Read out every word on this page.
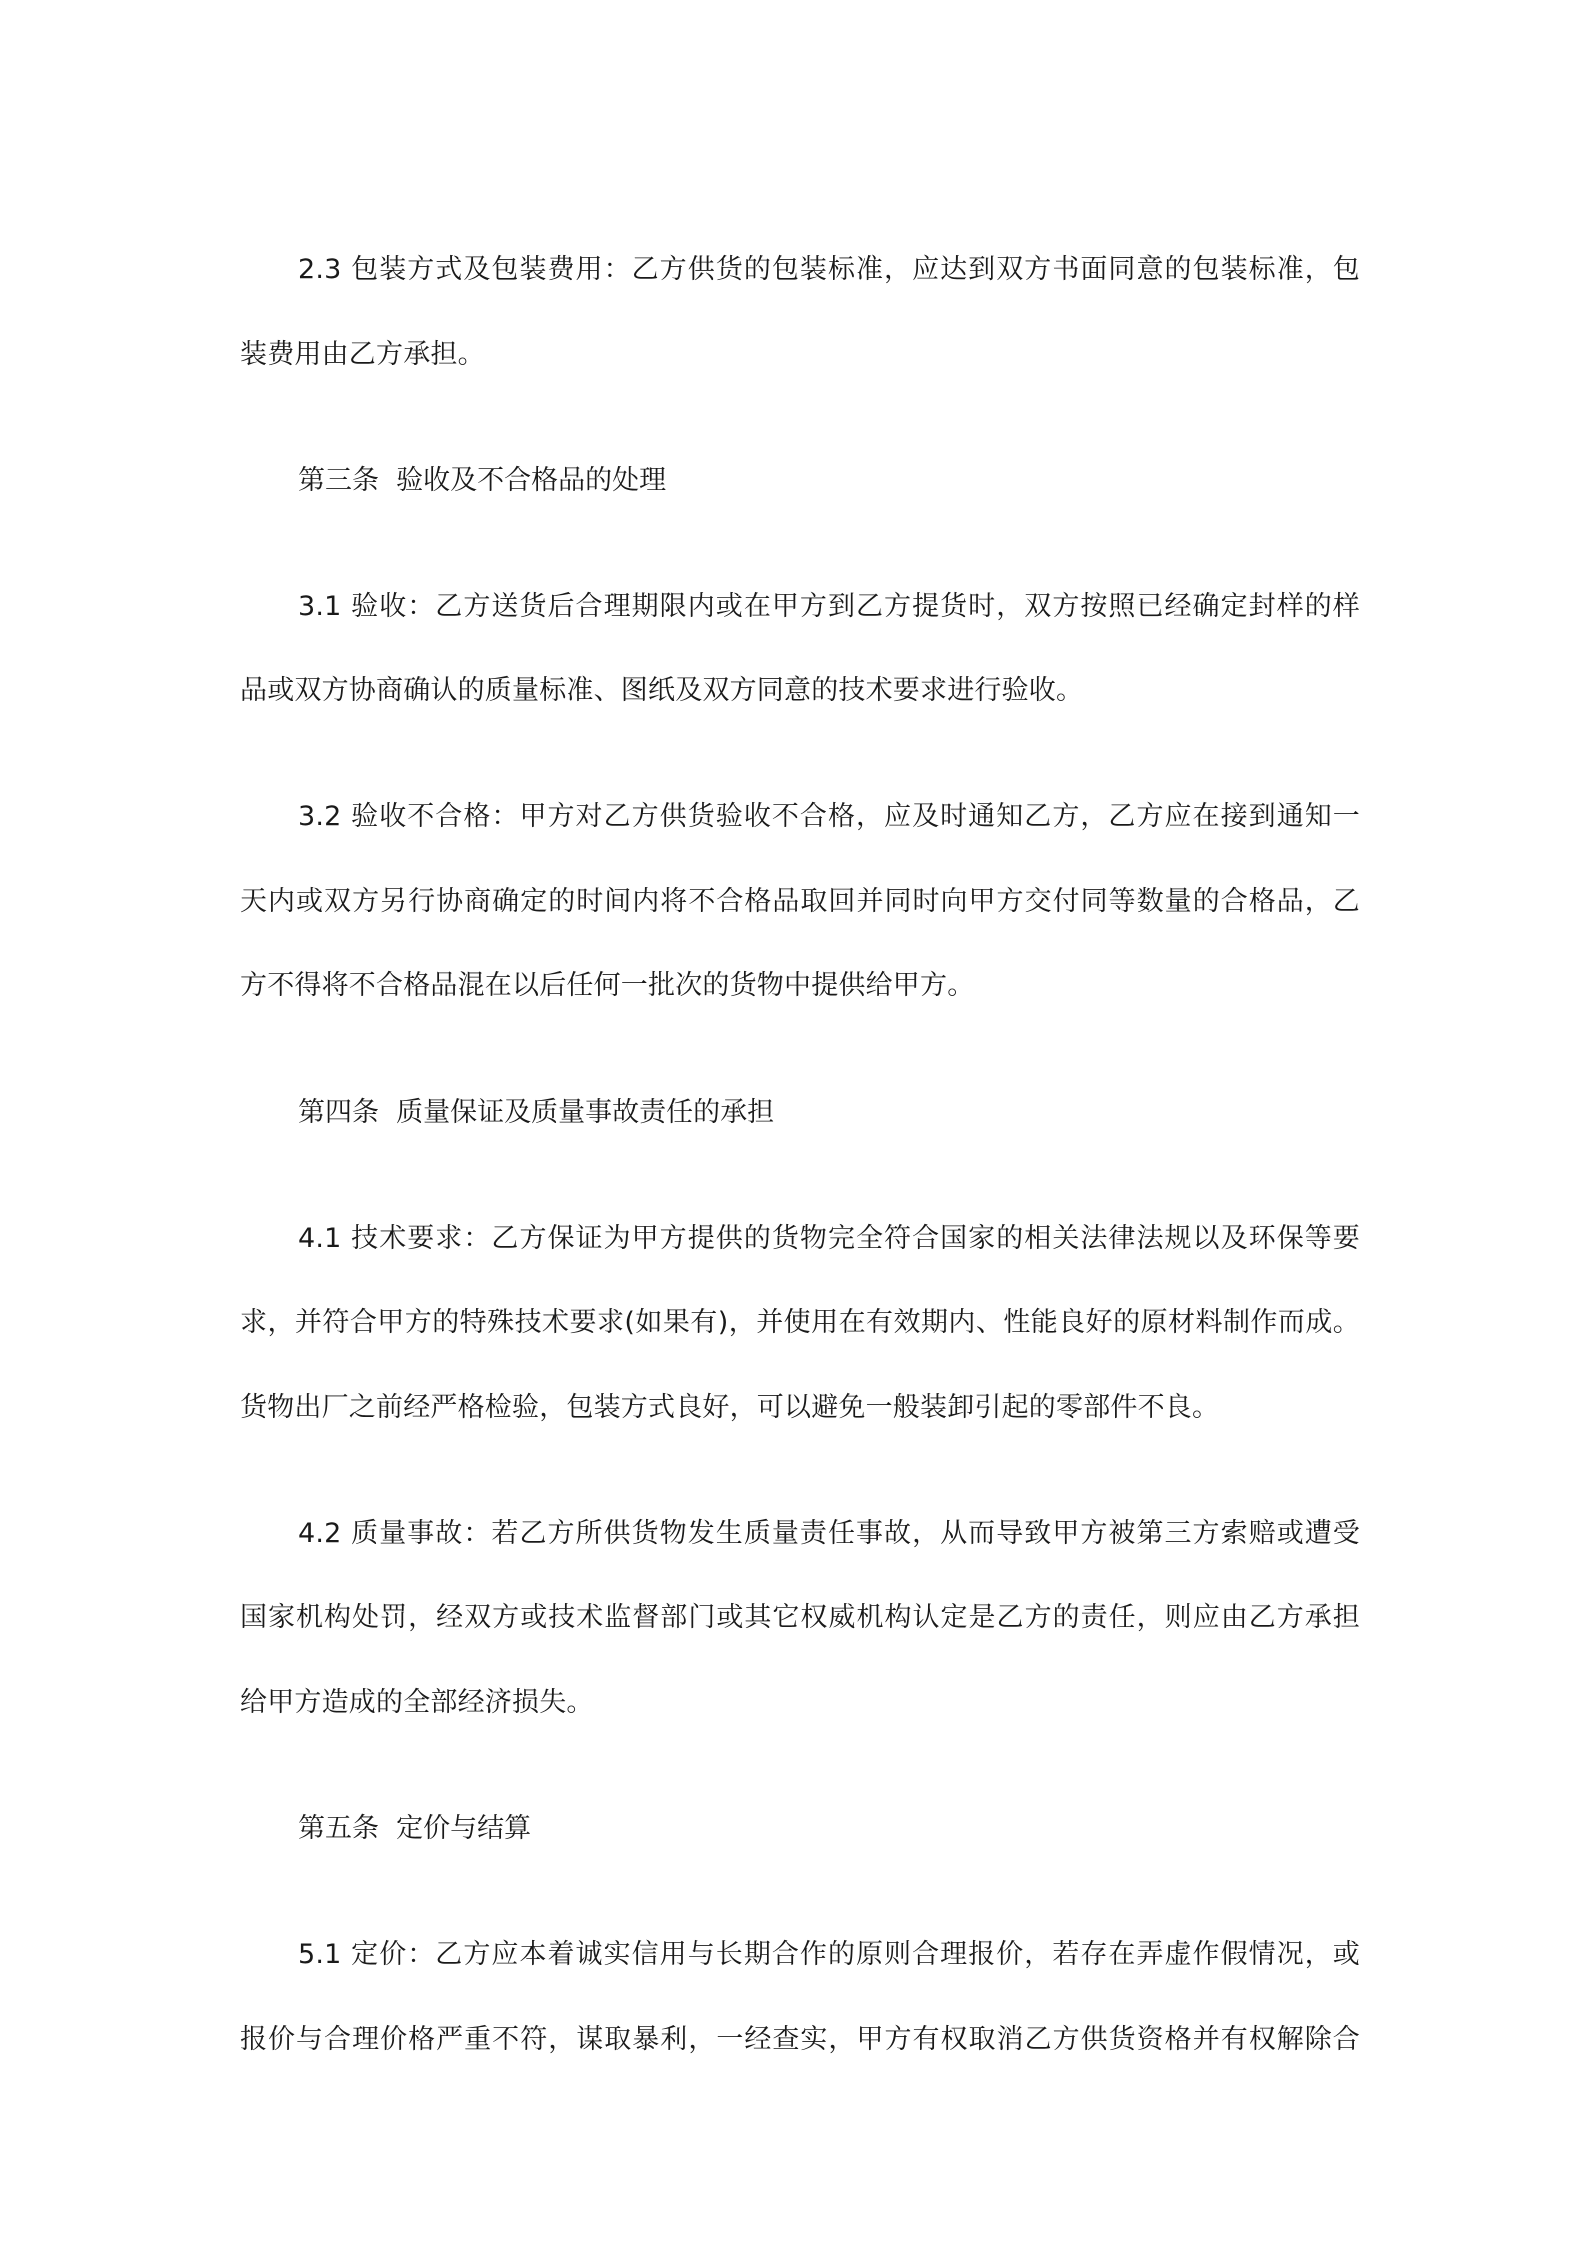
2.3 包装方式及包装费用：乙方供货的包装标准，应达到双方书面同意的包装标准，包

装费用由乙方承担。

第三条  验收及不合格品的处理

3.1 验收：乙方送货后合理期限内或在甲方到乙方提货时，双方按照已经确定封样的样

品或双方协商确认的质量标准、图纸及双方同意的技术要求进行验收。

3.2 验收不合格：甲方对乙方供货验收不合格，应及时通知乙方，乙方应在接到通知一

天内或双方另行协商确定的时间内将不合格品取回并同时向甲方交付同等数量的合格品，乙

方不得将不合格品混在以后任何一批次的货物中提供给甲方。

第四条  质量保证及质量事故责任的承担

4.1 技术要求：乙方保证为甲方提供的货物完全符合国家的相关法律法规以及环保等要

求，并符合甲方的特殊技术要求(如果有)，并使用在有效期内、性能良好的原材料制作而成。

货物出厂之前经严格检验，包装方式良好，可以避免一般装卸引起的零部件不良。

4.2 质量事故：若乙方所供货物发生质量责任事故，从而导致甲方被第三方索赔或遭受

国家机构处罚，经双方或技术监督部门或其它权威机构认定是乙方的责任，则应由乙方承担

给甲方造成的全部经济损失。

第五条  定价与结算

5.1 定价：乙方应本着诚实信用与长期合作的原则合理报价，若存在弄虚作假情况，或

报价与合理价格严重不符，谋取暴利，一经查实，甲方有权取消乙方供货资格并有权解除合
